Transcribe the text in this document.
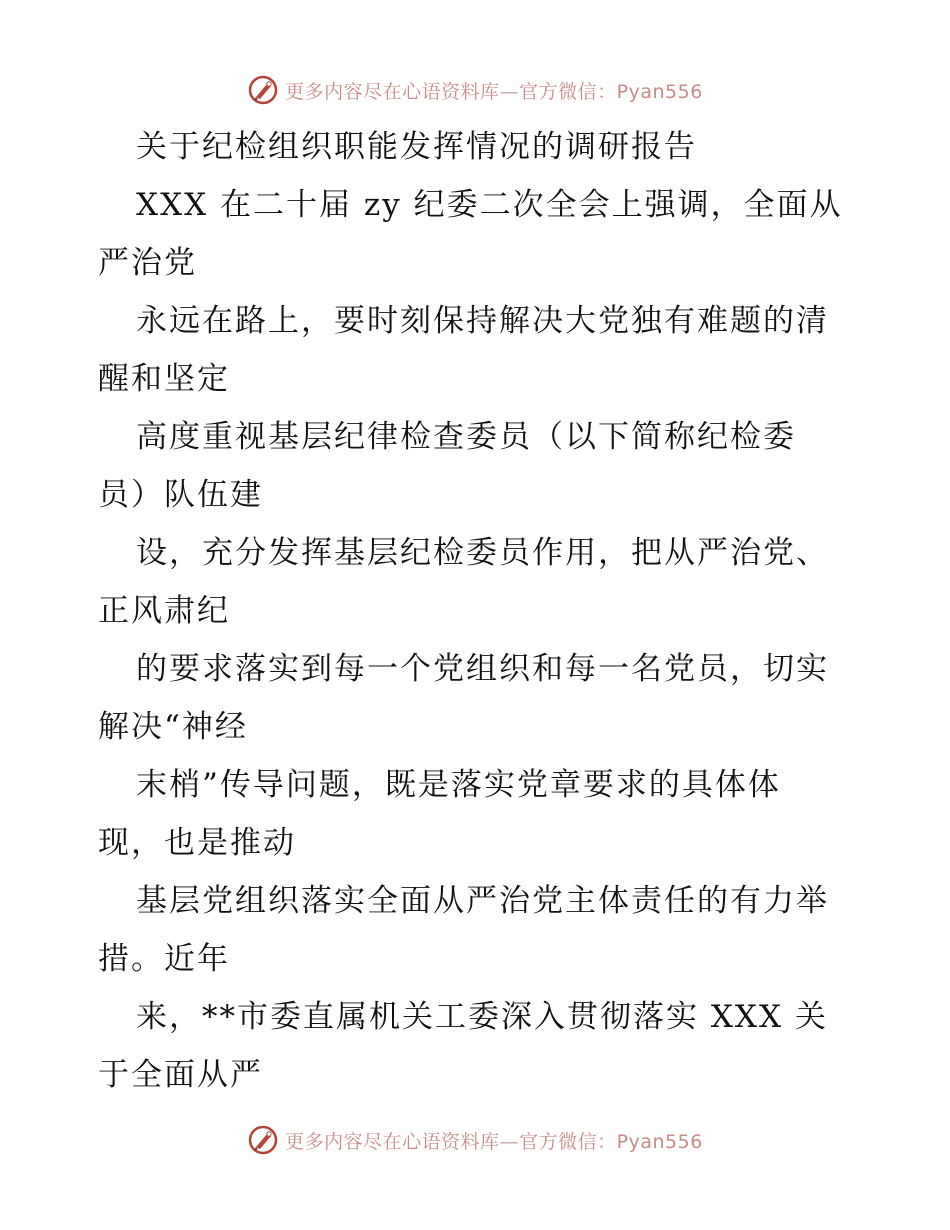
更多内容尽在心语资料库—官方微信：Pyan556
关于纪检组织职能发挥情况的调研报告
XXX 在二十届 zy 纪委二次全会上强调，全面从
严治党
永远在路上，要时刻保持解决大党独有难题的清
醒和坚定
高度重视基层纪律检查委员（以下简称纪检委
员）队伍建
设，充分发挥基层纪检委员作用，把从严治党、
正风肃纪
的要求落实到每一个党组织和每一名党员，切实
解决“神经
末梢”传导问题，既是落实党章要求的具体体
现，也是推动
基层党组织落实全面从严治党主体责任的有力举
措。近年
来，**市委直属机关工委深入贯彻落实 XXX 关
于全面从严
更多内容尽在心语资料库—官方微信：Pyan556
